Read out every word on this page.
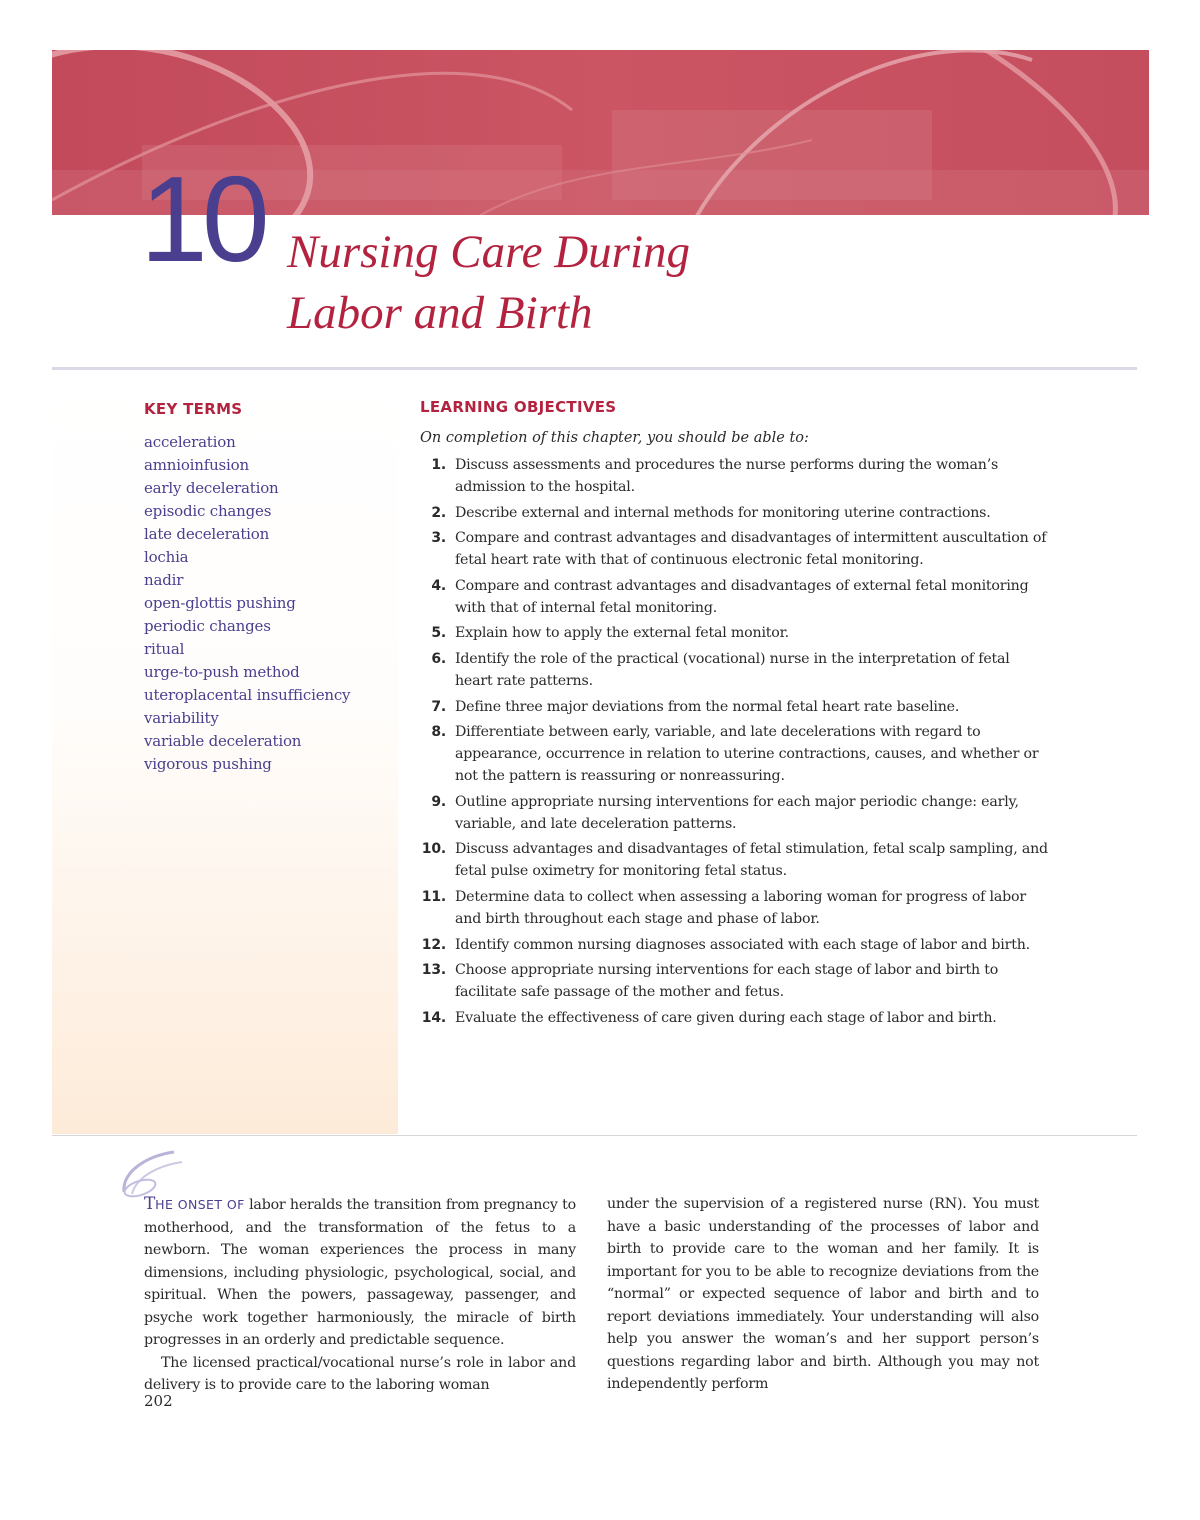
10 Nursing Care During
Labor and Birth
KEY TERMS
acceleration
amnioinfusion
early deceleration
episodic changes
late deceleration
lochia
nadir
open-glottis pushing
periodic changes
ritual
urge-to-push method
uteroplacental insufficiency
variability
variable deceleration
vigorous pushing
LEARNING OBJECTIVES
On completion of this chapter, you should be able to:
1. Discuss assessments and procedures the nurse performs during the woman’s admission to the hospital.
2. Describe external and internal methods for monitoring uterine contractions.
3. Compare and contrast advantages and disadvantages of intermittent auscultation of fetal heart rate with that of continuous electronic fetal monitoring.
4. Compare and contrast advantages and disadvantages of external fetal monitoring with that of internal fetal monitoring.
5. Explain how to apply the external fetal monitor.
6. Identify the role of the practical (vocational) nurse in the interpretation of fetal heart rate patterns.
7. Define three major deviations from the normal fetal heart rate baseline.
8. Differentiate between early, variable, and late decelerations with regard to appearance, occurrence in relation to uterine contractions, causes, and whether or not the pattern is reassuring or nonreassuring.
9. Outline appropriate nursing interventions for each major periodic change: early, variable, and late deceleration patterns.
10. Discuss advantages and disadvantages of fetal stimulation, fetal scalp sampling, and fetal pulse oximetry for monitoring fetal status.
11. Determine data to collect when assessing a laboring woman for progress of labor and birth throughout each stage and phase of labor.
12. Identify common nursing diagnoses associated with each stage of labor and birth.
13. Choose appropriate nursing interventions for each stage of labor and birth to facilitate safe passage of the mother and fetus.
14. Evaluate the effectiveness of care given during each stage of labor and birth.

THE ONSET OF labor heralds the transition from pregnancy to motherhood, and the transformation of the fetus to a newborn. The woman experiences the process in many dimensions, including physiologic, psychological, social, and spiritual. When the powers, passageway, passenger, and psyche work together harmoniously, the miracle of birth progresses in an orderly and predictable sequence.

The licensed practical/vocational nurse’s role in labor and delivery is to provide care to the laboring woman

under the supervision of a registered nurse (RN). You must have a basic understanding of the processes of labor and birth to provide care to the woman and her family. It is important for you to be able to recognize deviations from the “normal” or expected sequence of labor and birth and to report deviations immediately. Your understanding will also help you answer the woman’s and her support person’s questions regarding labor and birth. Although you may not independently perform

202
